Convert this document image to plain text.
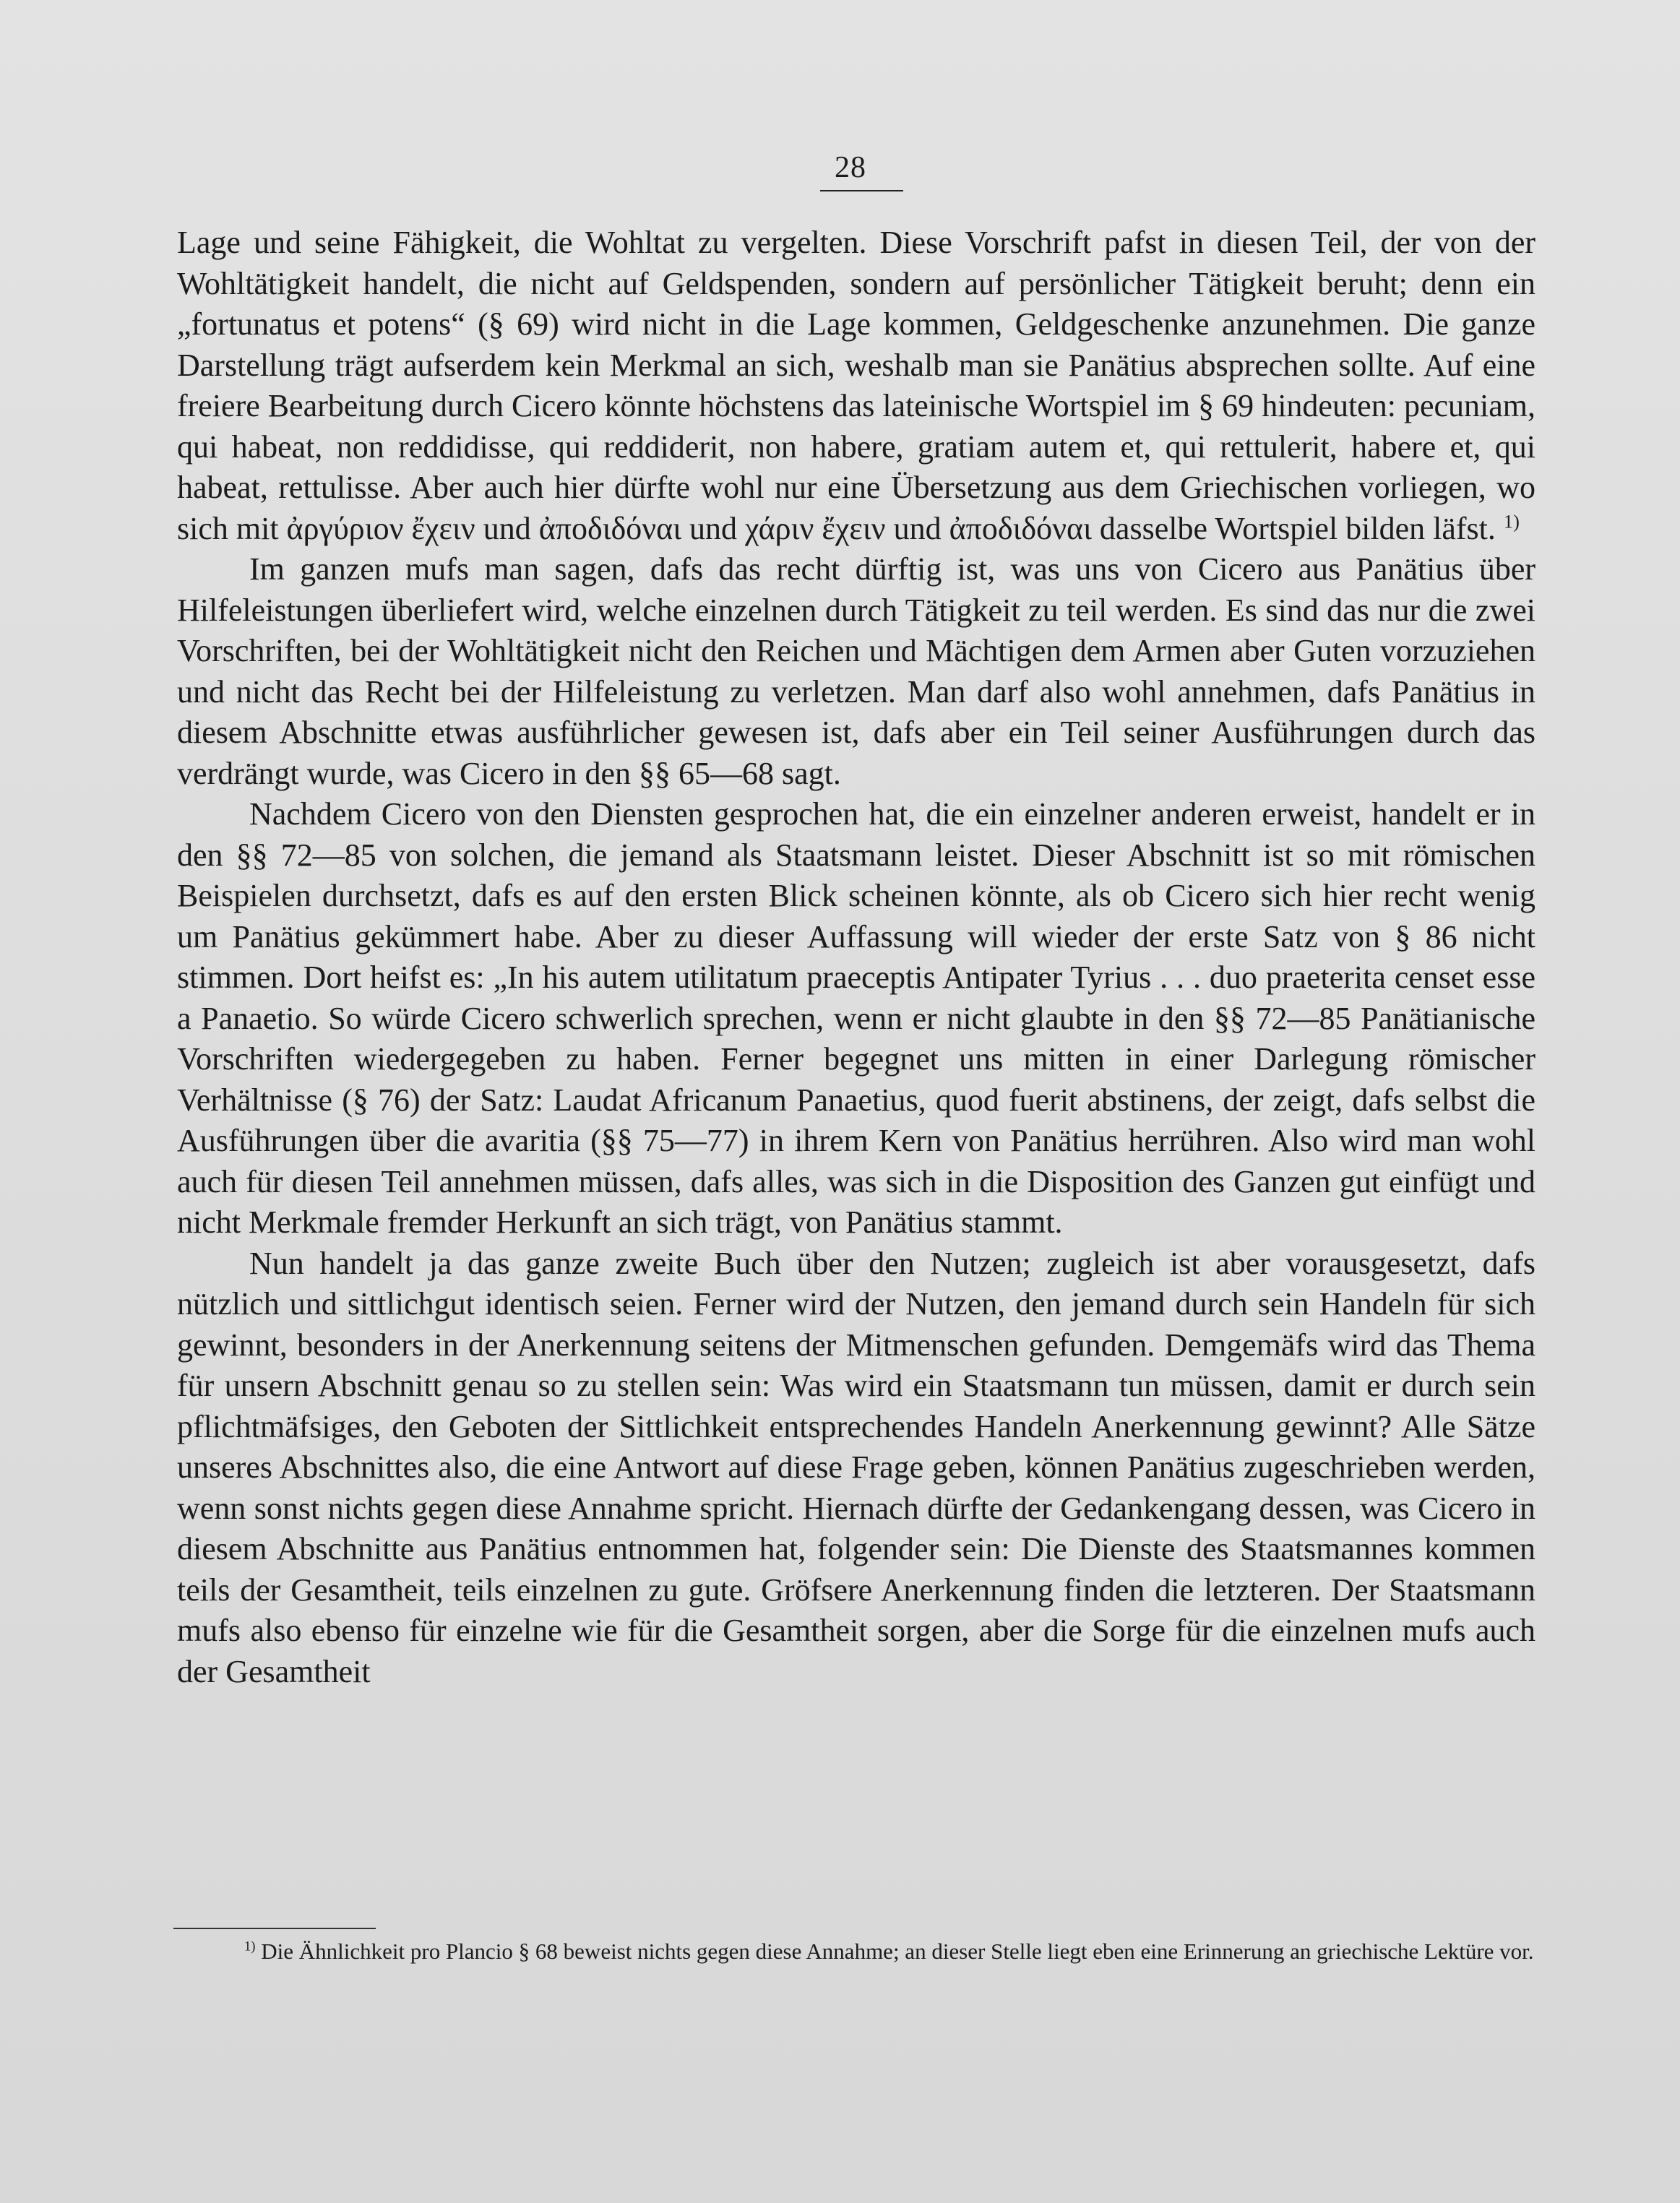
28

Lage und seine Fähigkeit, die Wohltat zu vergelten. Diese Vorschrift pafst in diesen Teil, der von der Wohltätigkeit handelt, die nicht auf Geldspenden, sondern auf persönlicher Tätigkeit beruht; denn ein „fortunatus et potens“ (§ 69) wird nicht in die Lage kommen, Geldgeschenke anzunehmen. Die ganze Darstellung trägt aufserdem kein Merkmal an sich, weshalb man sie Panätius absprechen sollte. Auf eine freiere Bearbeitung durch Cicero könnte höchstens das lateinische Wortspiel im § 69 hindeuten: pecuniam, qui habeat, non reddidisse, qui reddiderit, non habere, gratiam autem et, qui rettulerit, habere et, qui habeat, rettulisse. Aber auch hier dürfte wohl nur eine Übersetzung aus dem Griechischen vorliegen, wo sich mit ἀργύριον ἔχειν und ἀποδιδόναι und χάριν ἔχειν und ἀποδιδόναι dasselbe Wortspiel bilden läfst. $^{1)}$

Im ganzen mufs man sagen, dafs das recht dürftig ist, was uns von Cicero aus Panätius über Hilfeleistungen überliefert wird, welche einzelnen durch Tätigkeit zu teil werden. Es sind das nur die zwei Vorschriften, bei der Wohltätigkeit nicht den Reichen und Mächtigen dem Armen aber Guten vorzuziehen und nicht das Recht bei der Hilfeleistung zu verletzen. Man darf also wohl annehmen, dafs Panätius in diesem Abschnitte etwas ausführlicher gewesen ist, dafs aber ein Teil seiner Ausführungen durch das verdrängt wurde, was Cicero in den §§ 65—68 sagt.

Nachdem Cicero von den Diensten gesprochen hat, die ein einzelner anderen erweist, handelt er in den §§ 72—85 von solchen, die jemand als Staatsmann leistet. Dieser Abschnitt ist so mit römischen Beispielen durchsetzt, dafs es auf den ersten Blick scheinen könnte, als ob Cicero sich hier recht wenig um Panätius gekümmert habe. Aber zu dieser Auffassung will wieder der erste Satz von § 86 nicht stimmen. Dort heifst es: „In his autem utilitatum praeceptis Antipater Tyrius . . . duo praeterita censet esse a Panaetio. So würde Cicero schwerlich sprechen, wenn er nicht glaubte in den §§ 72—85 Panätianische Vorschriften wiedergegeben zu haben. Ferner begegnet uns mitten in einer Darlegung römischer Verhältnisse (§ 76) der Satz: Laudat Africanum Panaetius, quod fuerit abstinens, der zeigt, dafs selbst die Ausführungen über die avaritia (§§ 75—77) in ihrem Kern von Panätius herrühren. Also wird man wohl auch für diesen Teil annehmen müssen, dafs alles, was sich in die Disposition des Ganzen gut einfügt und nicht Merkmale fremder Herkunft an sich trägt, von Panätius stammt.

Nun handelt ja das ganze zweite Buch über den Nutzen; zugleich ist aber vorausgesetzt, dafs nützlich und sittlichgut identisch seien. Ferner wird der Nutzen, den jemand durch sein Handeln für sich gewinnt, besonders in der Anerkennung seitens der Mitmenschen gefunden. Demgemäfs wird das Thema für unsern Abschnitt genau so zu stellen sein: Was wird ein Staatsmann tun müssen, damit er durch sein pflichtmäfsiges, den Geboten der Sittlichkeit entsprechendes Handeln Anerkennung gewinnt? Alle Sätze unseres Abschnittes also, die eine Antwort auf diese Frage geben, können Panätius zugeschrieben werden, wenn sonst nichts gegen diese Annahme spricht. Hiernach dürfte der Gedankengang dessen, was Cicero in diesem Abschnitte aus Panätius entnommen hat, folgender sein: Die Dienste des Staatsmannes kommen teils der Gesamtheit, teils einzelnen zu gute. Gröfsere Anerkennung finden die letzteren. Der Staatsmann mufs also ebenso für einzelne wie für die Gesamtheit sorgen, aber die Sorge für die einzelnen mufs auch der Gesamtheit

$^{1)}$ Die Ähnlichkeit pro Plancio § 68 beweist nichts gegen diese Annahme; an dieser Stelle liegt eben eine Erinnerung an griechische Lektüre vor.
